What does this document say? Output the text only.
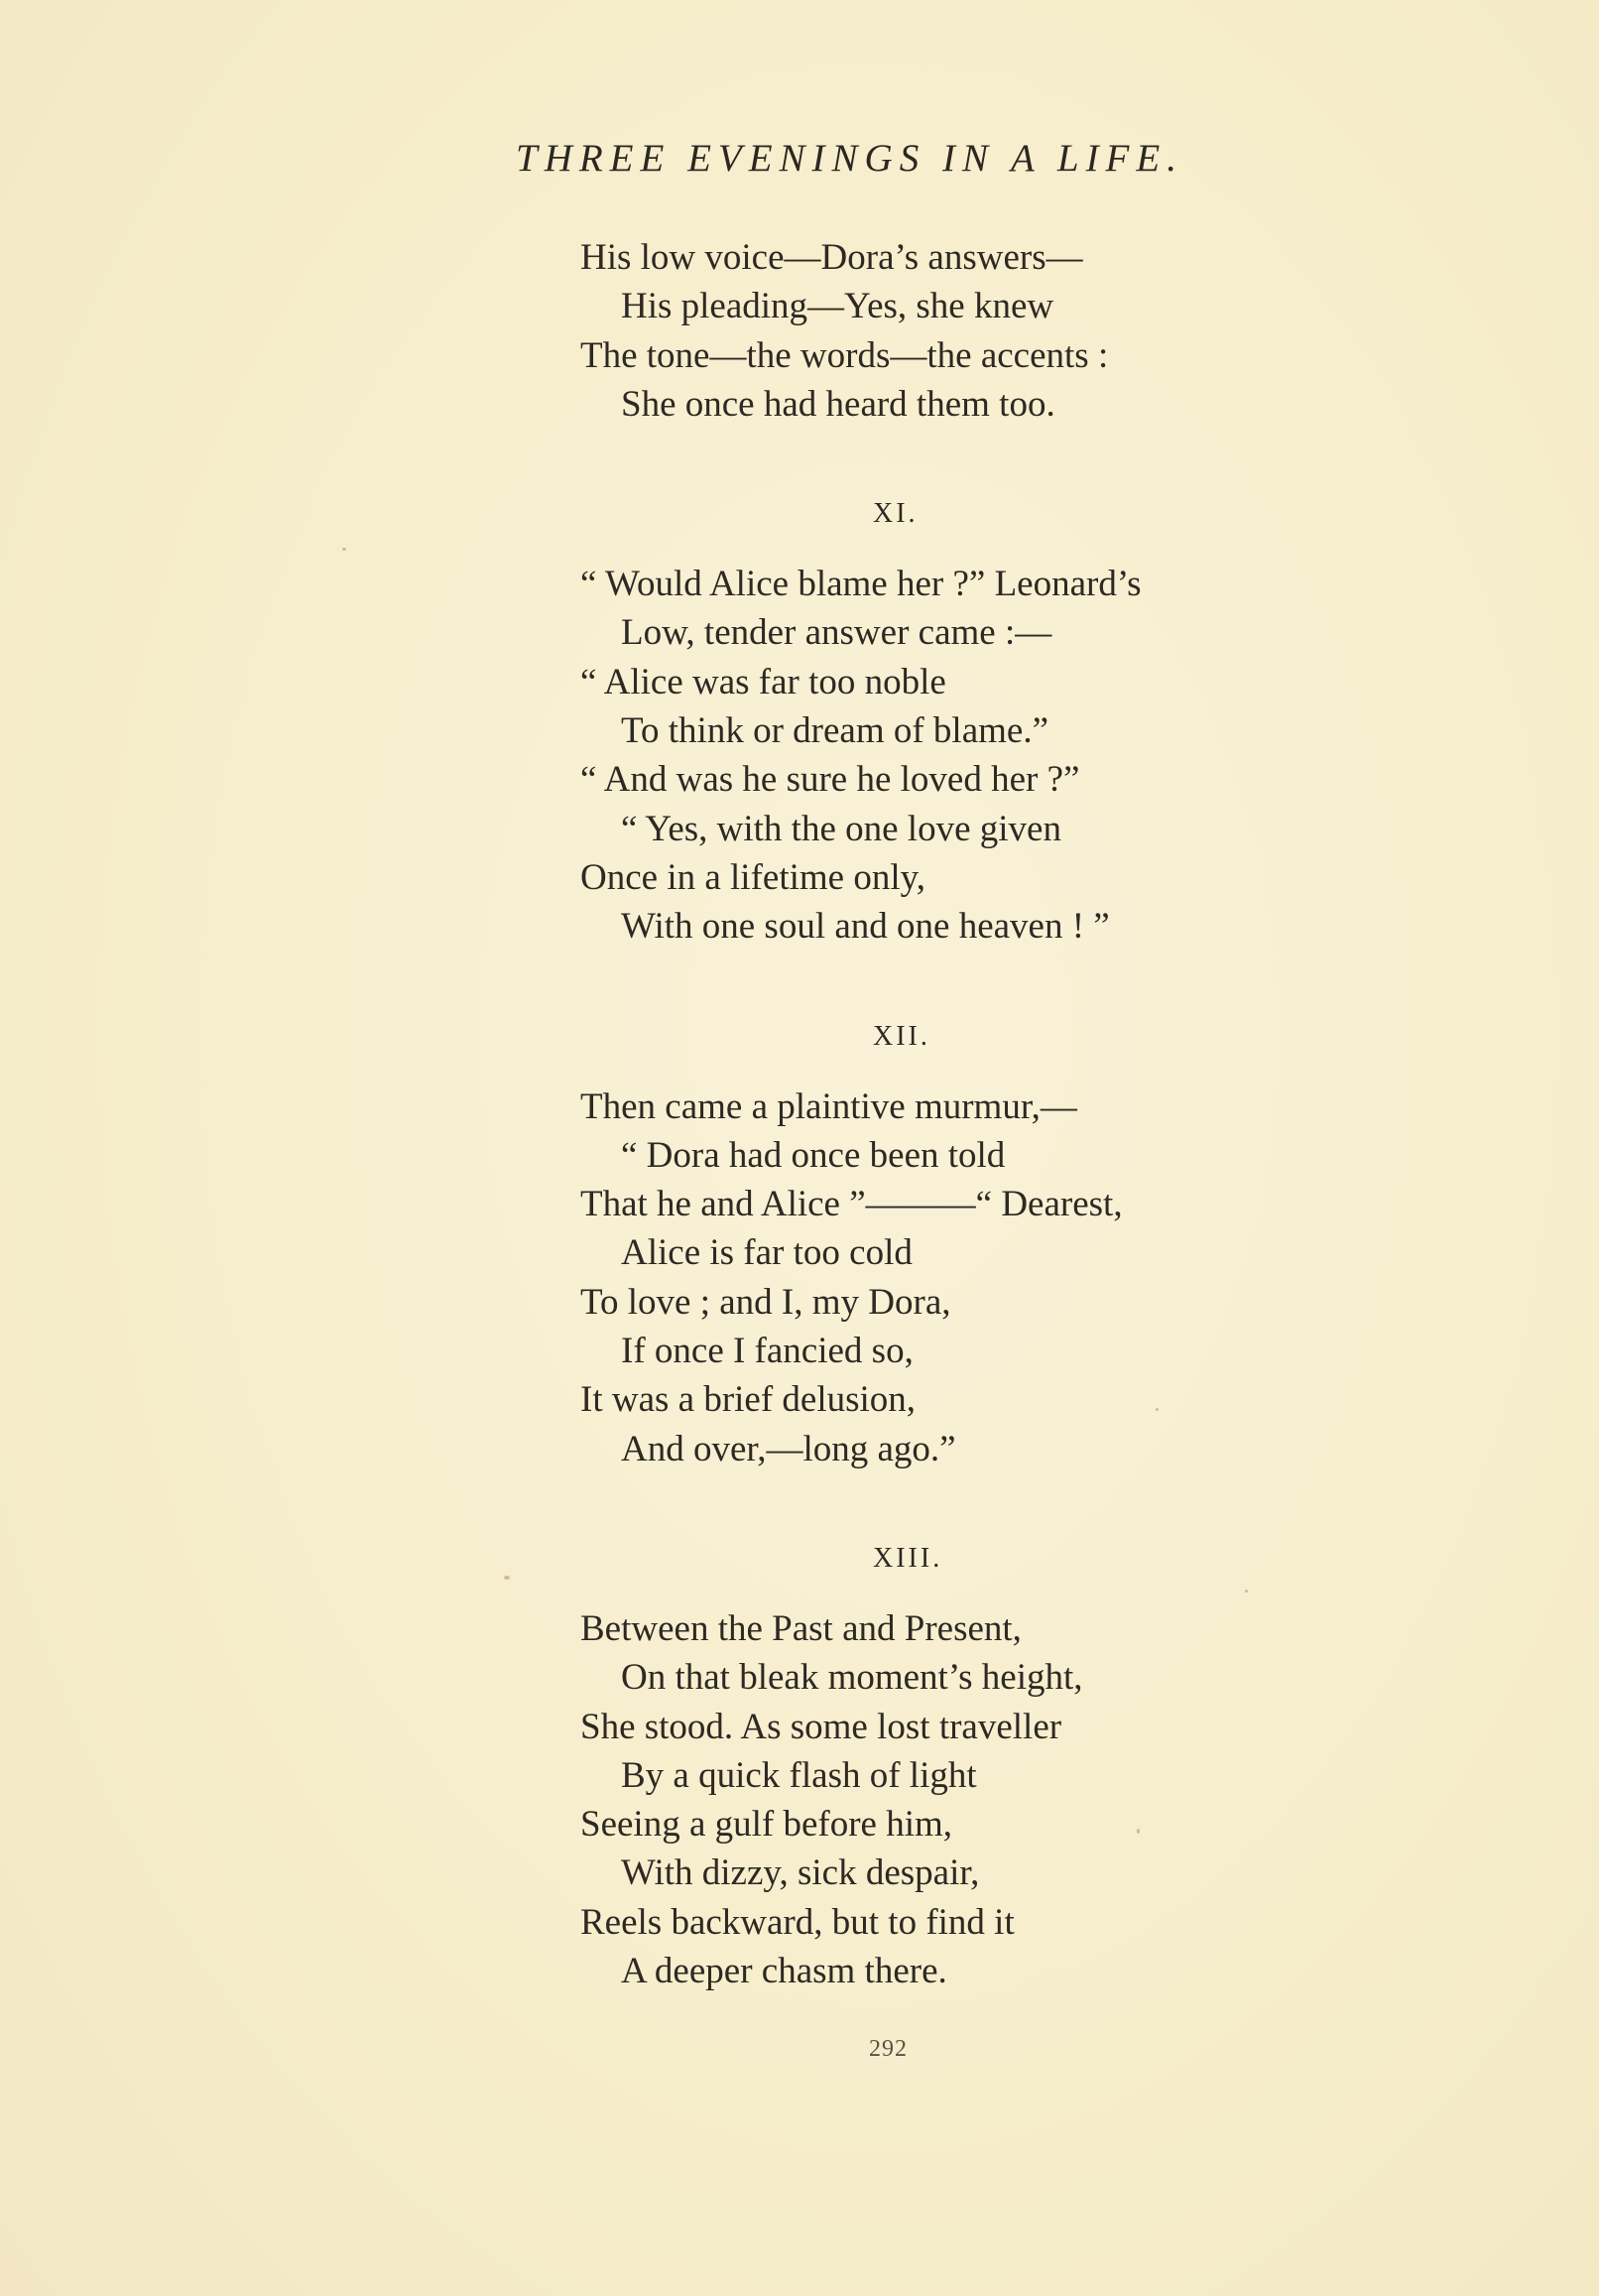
THREE EVENINGS IN A LIFE.
His low voice—Dora’s answers—
His pleading—Yes, she knew
The tone—the words—the accents :
She once had heard them too.
XI.
“ Would Alice blame her ?” Leonard’s
Low, tender answer came :—
“ Alice was far too noble
To think or dream of blame.”
“ And was he sure he loved her ?”
“ Yes, with the one love given
Once in a lifetime only,
With one soul and one heaven ! ”
XII.
Then came a plaintive murmur,—
“ Dora had once been told
That he and Alice ”———“ Dearest,
Alice is far too cold
To love ; and I, my Dora,
If once I fancied so,
It was a brief delusion,
And over,—long ago.”
XIII.
Between the Past and Present,
On that bleak moment’s height,
She stood. As some lost traveller
By a quick flash of light
Seeing a gulf before him,
With dizzy, sick despair,
Reels backward, but to find it
A deeper chasm there.
292
